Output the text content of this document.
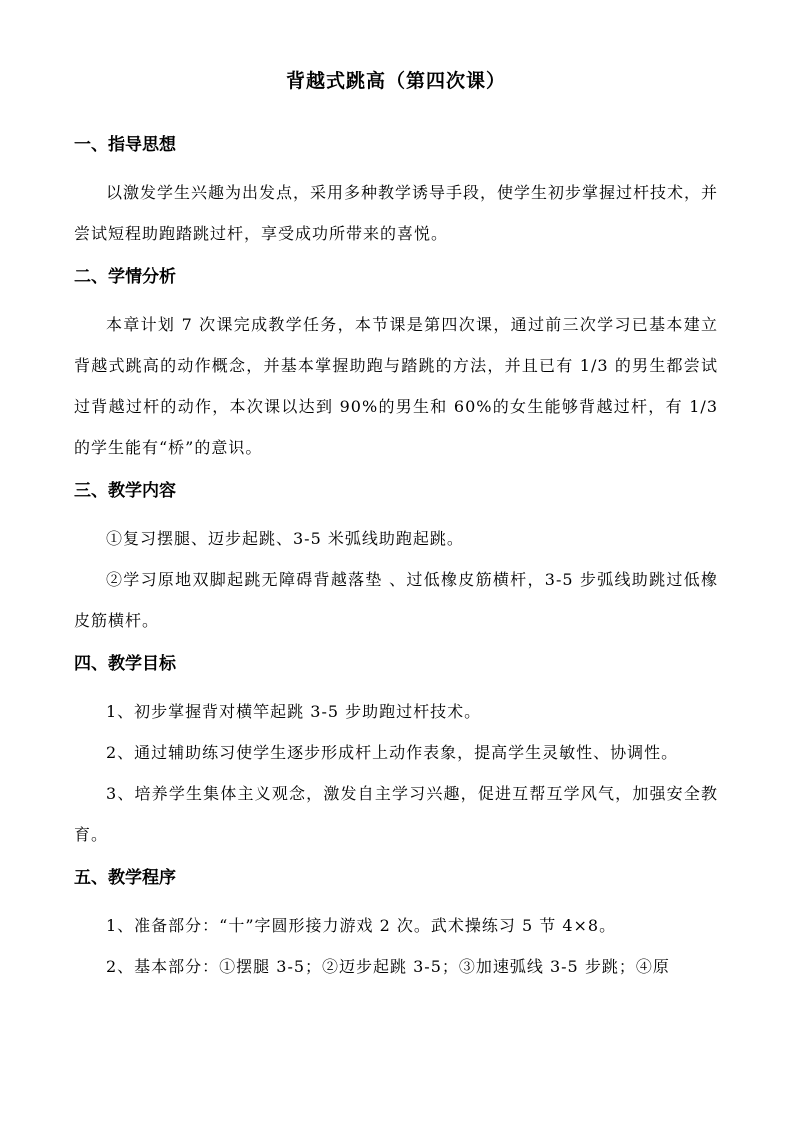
背越式跳高（第四次课）
一、指导思想

以激发学生兴趣为出发点，采用多种教学诱导手段，使学生初步掌握过杆技术，并尝试短程助跑踏跳过杆，享受成功所带来的喜悦。

二、学情分析

本章计划 7 次课完成教学任务，本节课是第四次课，通过前三次学习已基本建立背越式跳高的动作概念，并基本掌握助跑与踏跳的方法，并且已有 1/3 的男生都尝试过背越过杆的动作，本次课以达到 90%的男生和 60%的女生能够背越过杆，有 1/3 的学生能有“桥”的意识。

三、教学内容

①复习摆腿、迈步起跳、3-5 米弧线助跑起跳。

②学习原地双脚起跳无障碍背越落垫 、过低橡皮筋横杆，3-5 步弧线助跳过低橡皮筋横杆。

四、教学目标

1、初步掌握背对横竿起跳 3-5 步助跑过杆技术。

2、通过辅助练习使学生逐步形成杆上动作表象，提高学生灵敏性、协调性。

3、培养学生集体主义观念，激发自主学习兴趣，促进互帮互学风气，加强安全教育。

五、教学程序

1、准备部分：“十”字圆形接力游戏 2 次。武术操练习 5 节 4×8。

2、基本部分：①摆腿 3-5；②迈步起跳 3-5；③加速弧线 3-5 步跳；④原
